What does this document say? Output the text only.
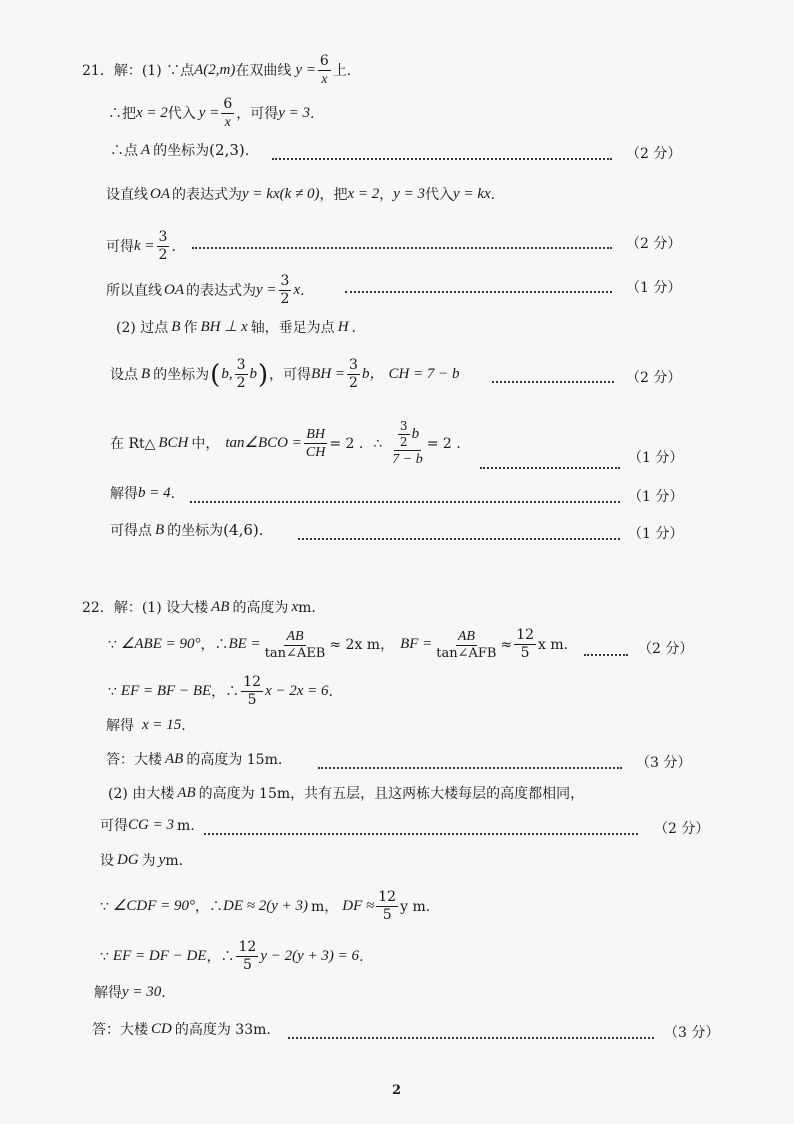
21． 解：(1) ∵点 A(2,m) 在双曲线 $y = \frac{6}{x}$ 上.
∴把 x = 2 代入 $y = \frac{6}{x}$ ，可得 y = 3 .
∴点 A 的坐标为 (2,3) .	（2 分）
设直线 OA 的表达式为 y = kx(k ≠ 0) ，把 x = 2 ， y = 3 代入 y = kx .
可得 $k = \frac{3}{2}$ .	（2 分）
所以直线 OA 的表达式为 $y = \frac{3}{2}$ x .	（1 分）
(2) 过点 B 作 BH ⊥ x 轴，垂足为点 H .
设点 B 的坐标为 ( b, $\frac{3}{2}$ b ) ，可得 BH = $\frac{3}{2}$ b， CH = 7 − b	（2 分）
在 Rt△ BCH 中， tan∠BCO = $\frac{BH}{CH} = 2$ . ∴ $\frac{\frac{3}{2} b}{7 - b} = 2$ .
（1 分）
解得 b = 4 .	（1 分）
可得点 B 的坐标为 (4,6) .	（1 分）
22． 解：(1) 设大楼 AB 的高度为 x m.
∵ ∠ABE = 90° ，∴ BE = $\frac{AB}{\text{tan∠AEB}} \approx 2x$ m， BF = $\frac{AB}{\text{tan∠AFB}} \approx \frac{12}{5}$ x m.	（2 分）
∵ EF = BF − BE ，∴ $\frac{12}{5}$ x − 2x = 6 .
解得 x = 15 .
答：大楼 AB 的高度为 15m.	（3 分）
(2) 由大楼 AB 的高度为 15m，共有五层，且这两栋大楼每层的高度都相同，
可得 CG = 3 m.	（2 分）
设 DG 为 y m.
∵ ∠CDF = 90° ，∴ DE ≈ 2(y + 3) m， DF ≈ $\frac{12}{5}$ y m.
∵ EF = DF − DE ，∴ $\frac{12}{5}$ y − 2(y + 3) = 6 .
解得 y = 30 .
答：大楼 CD 的高度为 33m.	（3 分）
2
